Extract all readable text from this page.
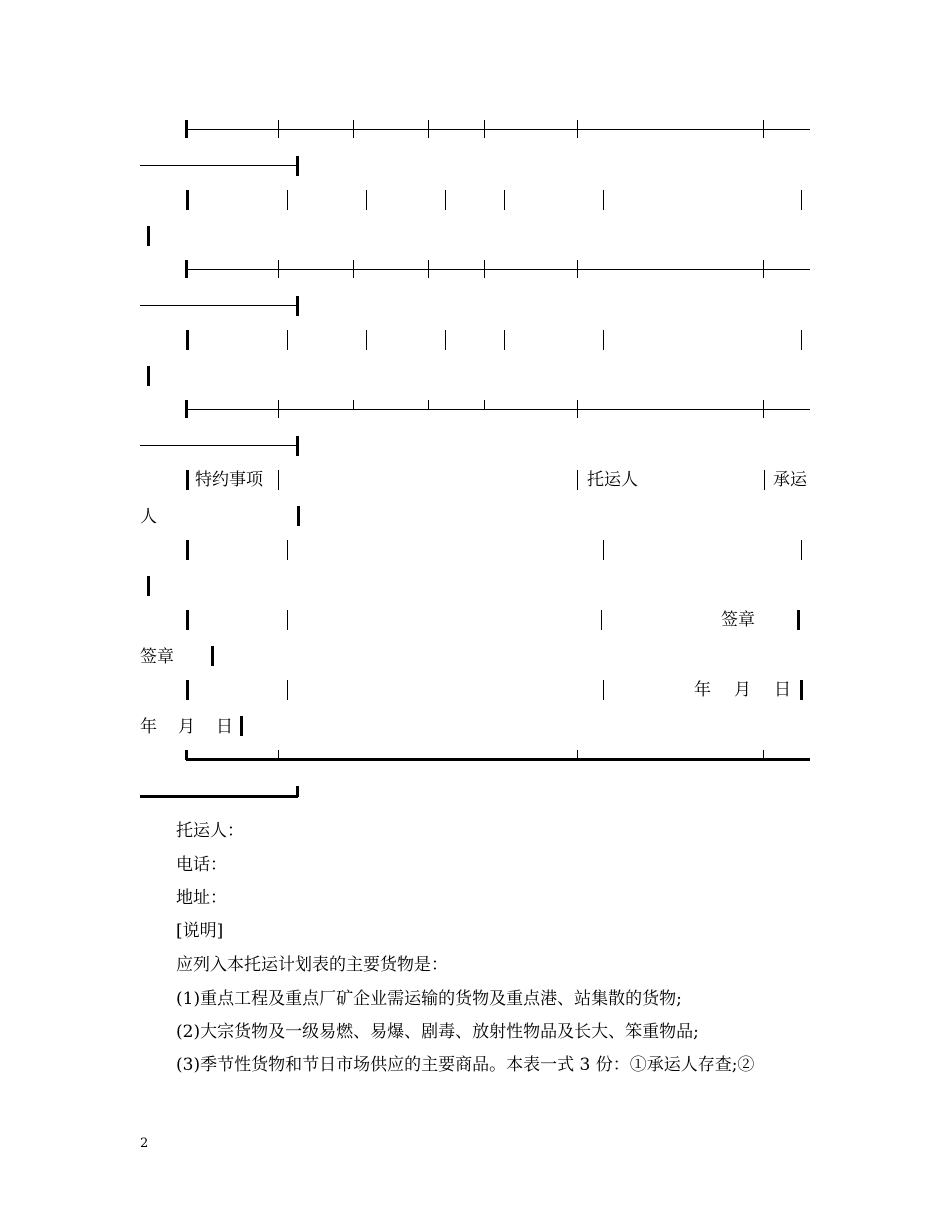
特约事项	托运人	承运
人
签章
签章
年 月 日
年 月 日
托运人：
电话：
地址：
[说明]
应列入本托运计划表的主要货物是：
(1)重点工程及重点厂矿企业需运输的货物及重点港、站集散的货物;
(2)大宗货物及一级易燃、易爆、剧毒、放射性物品及长大、笨重物品;
(3)季节性货物和节日市场供应的主要商品。本表一式 3 份：①承运人存查;②
2
